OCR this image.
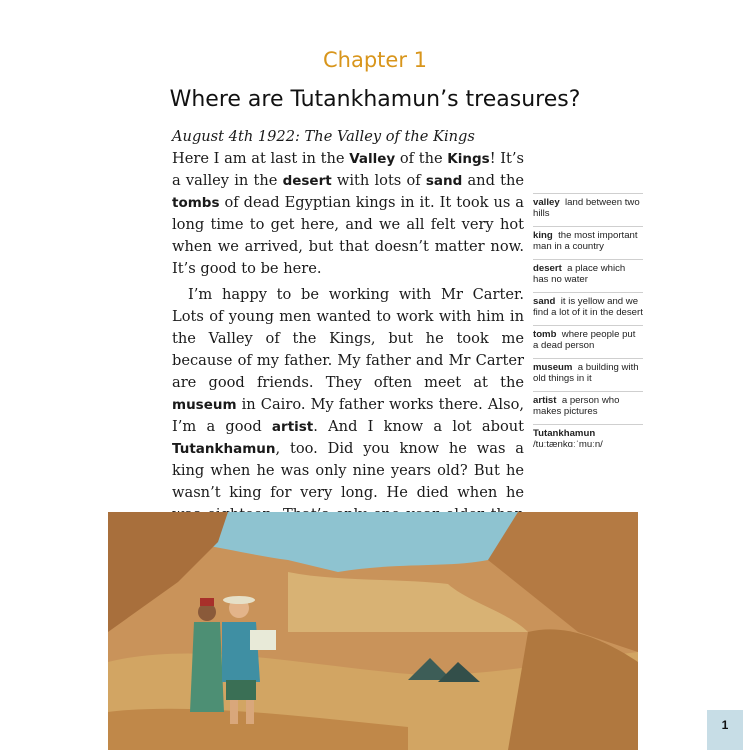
Chapter 1
Where are Tutankhamun’s treasures?

August 4th 1922: The Valley of the Kings

Here I am at last in the Valley of the Kings! It’s a valley in the desert with lots of sand and the tombs of dead Egyptian kings in it. It took us a long time to get here, and we all felt very hot when we arrived, but that doesn’t matter now. It’s good to be here.

I’m happy to be working with Mr Carter. Lots of young men wanted to work with him in the Valley of the Kings, but he took me because of my father. My father and Mr Carter are good friends. They often meet at the museum in Cairo. My father works there. Also, I’m a good artist. And I know a lot about Tutankhamun, too. Did you know he was a king when he was only nine years old? But he wasn’t king for very long. He died when he

valley land between two hills
king the most important man in a country
desert a place which has no water
sand it is yellow and we find a lot of it in the desert
tomb where people put a dead person
museum a building with old things in it
artist a person who makes pictures
Tutankhamun
/tuːtænkɑːˈmuːn/
1
